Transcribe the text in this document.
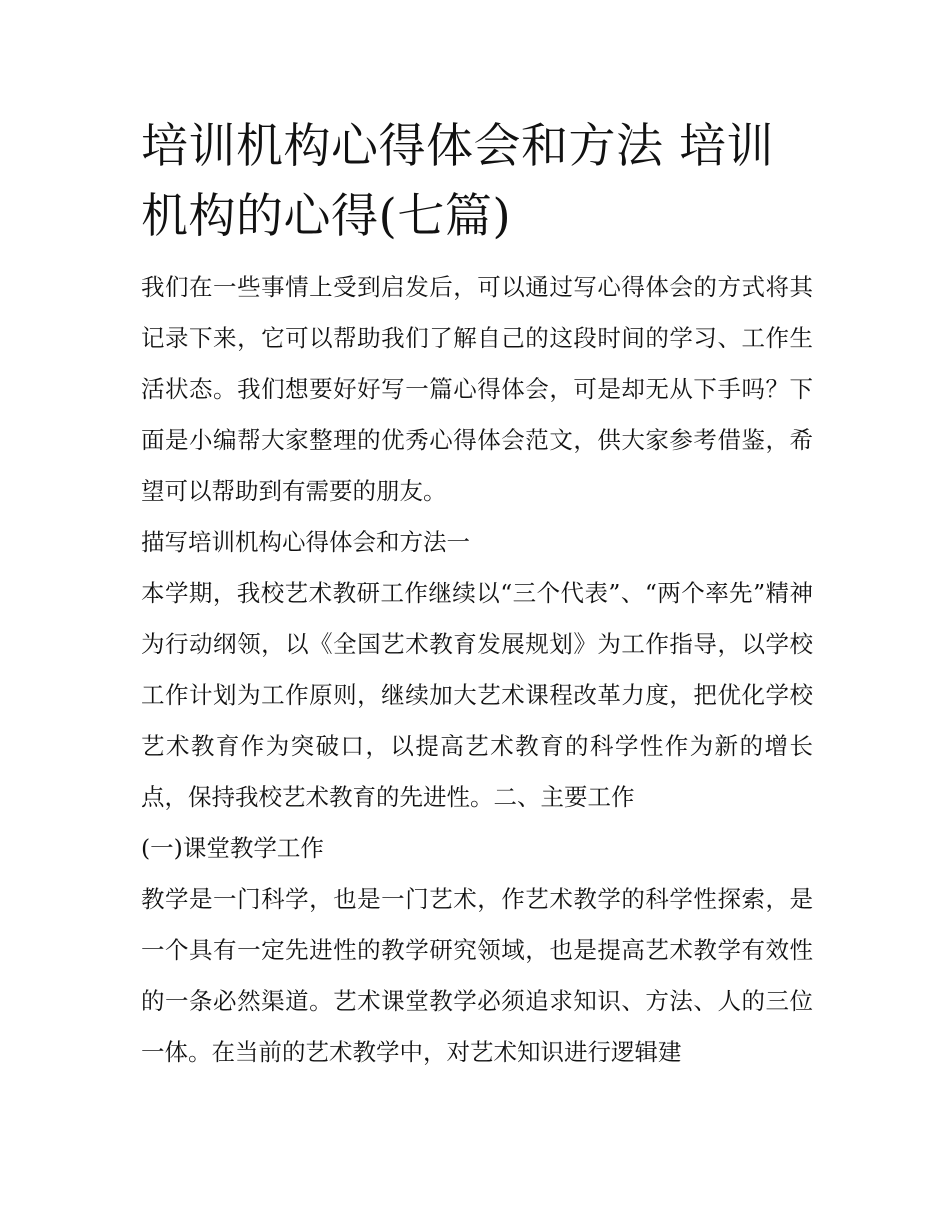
培训机构心得体会和方法 培训机构的心得(七篇)

我们在一些事情上受到启发后，可以通过写心得体会的方式将其记录下来，它可以帮助我们了解自己的这段时间的学习、工作生活状态。我们想要好好写一篇心得体会，可是却无从下手吗？下面是小编帮大家整理的优秀心得体会范文，供大家参考借鉴，希望可以帮助到有需要的朋友。

描写培训机构心得体会和方法一

本学期，我校艺术教研工作继续以“三个代表”、“两个率先”精神为行动纲领，以《全国艺术教育发展规划》为工作指导，以学校工作计划为工作原则，继续加大艺术课程改革力度，把优化学校艺术教育作为突破口，以提高艺术教育的科学性作为新的增长点，保持我校艺术教育的先进性。二、主要工作

(一)课堂教学工作

教学是一门科学，也是一门艺术，作艺术教学的科学性探索，是一个具有一定先进性的教学研究领域，也是提高艺术教学有效性的一条必然渠道。艺术课堂教学必须追求知识、方法、人的三位一体。在当前的艺术教学中，对艺术知识进行逻辑建
